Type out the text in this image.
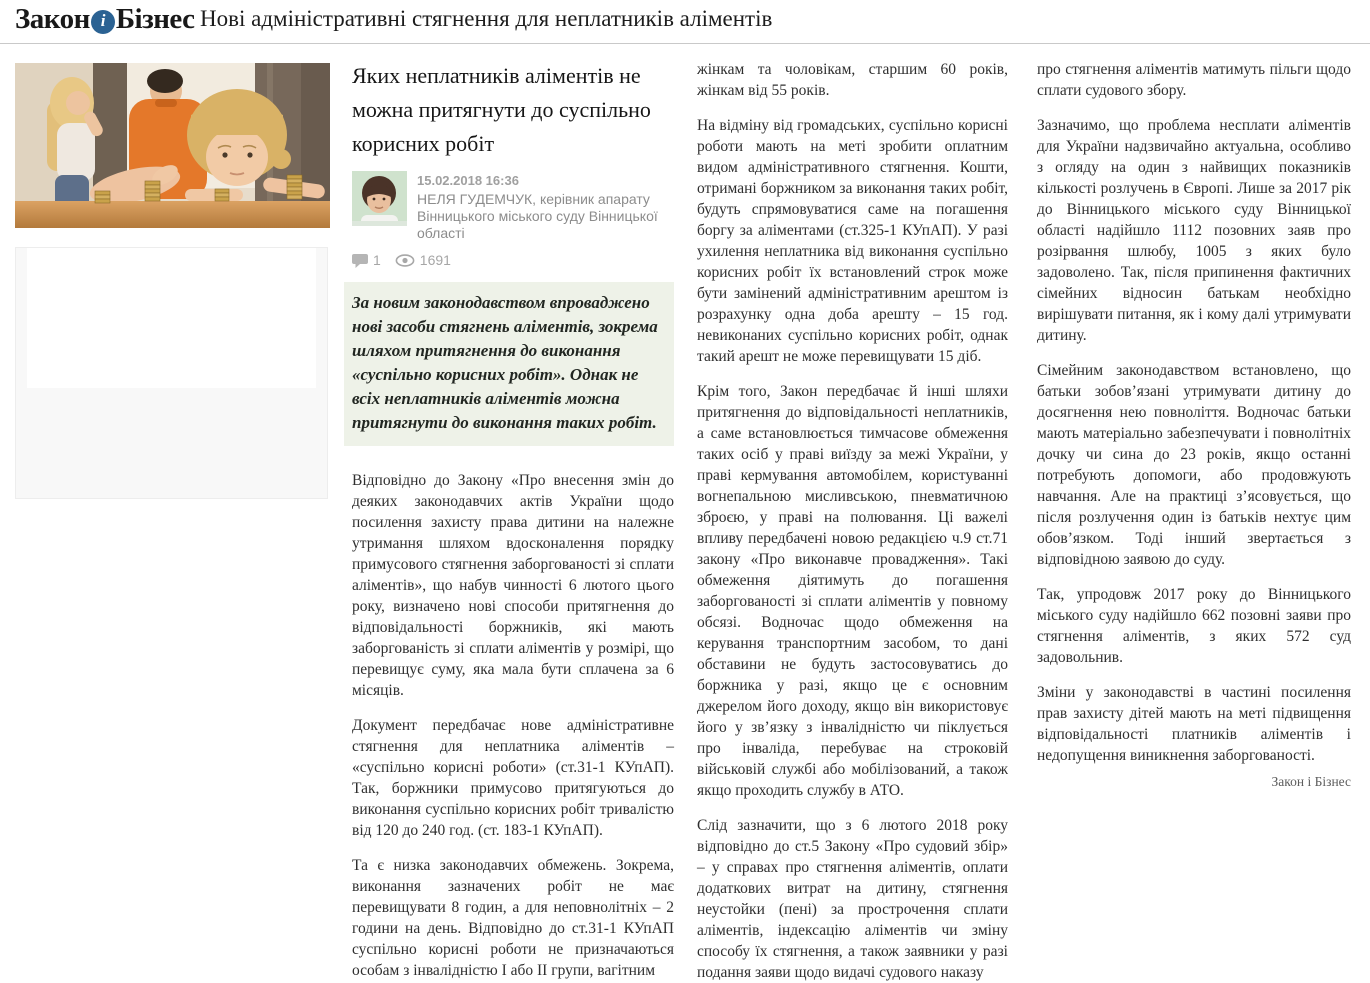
Закон і Бізнес Нові адміністративні стягнення для неплатників аліментів
Яких неплатників аліментів не можна притягнути до суспільно корисних робіт
15.02.2018 16:36
НЕЛЯ ГУДЕМЧУК, керівник апарату Вінницького міського суду Вінницької області
1	1691
За новим законодавством впроваджено нові засоби стягнень аліментів, зокрема шляхом притягнення до виконання «суспільно корисних робіт». Однак не всіх неплатників аліментів можна притягнути до виконання таких робіт.

Відповідно до Закону «Про внесення змін до деяких законодавчих актів України щодо посилення захисту права дитини на належне утримання шляхом вдосконалення порядку примусового стягнення заборгованості зі сплати аліментів», що набув чинності 6 лютого цього року, визначено нові способи притягнення до відповідальності боржників, які мають заборгованість зі сплати аліментів у розмірі, що перевищує суму, яка мала бути сплачена за 6 місяців.

Документ передбачає нове адміністративне стягнення для неплатника аліментів – «суспільно корисні роботи» (ст.31-1 КУпАП). Так, боржники примусово притягуються до виконання суспільно корисних робіт тривалістю від 120 до 240 год. (ст. 183-1 КУпАП).

Та є низка законодавчих обмежень. Зокрема, виконання зазначених робіт не має перевищувати 8 годин, а для неповнолітніх – 2 години на день. Відповідно до ст.31-1 КУпАП суспільно корисні роботи не призначаються особам з інвалідністю I або II групи, вагітним

жінкам та чоловікам, старшим 60 років, жінкам від 55 років.

На відміну від громадських, суспільно корисні роботи мають на меті зробити оплатним видом адміністративного стягнення. Кошти, отримані боржником за виконання таких робіт, будуть спрямовуватися саме на погашення боргу за аліментами (ст.325-1 КУпАП). У разі ухилення неплатника від виконання суспільно корисних робіт їх встановлений строк може бути замінений адміністративним арештом із розрахунку одна доба арешту – 15 год. невиконаних суспільно корисних робіт, однак такий арешт не може перевищувати 15 діб.

Крім того, Закон передбачає й інші шляхи притягнення до відповідальності неплатників, а саме встановлюється тимчасове обмеження таких осіб у праві виїзду за межі України, у праві кермування автомобілем, користуванні вогнепальною мисливською, пневматичною зброєю, у праві на полювання. Ці важелі впливу передбачені новою редакцією ч.9 ст.71 закону «Про виконавче провадження». Такі обмеження діятимуть до погашення заборгованості зі сплати аліментів у повному обсязі. Водночас щодо обмеження на керування транспортним засобом, то дані обставини не будуть застосовуватись до боржника у разі, якщо це є основним джерелом його доходу, якщо він використовує його у зв’язку з інвалідністю чи піклується про інваліда, перебуває на строковій військовій службі або мобілізований, а також якщо проходить службу в АТО.

Слід зазначити, що з 6 лютого 2018 року відповідно до ст.5 Закону «Про судовий збір» – у справах про стягнення аліментів, оплати додаткових витрат на дитину, стягнення неустойки (пені) за прострочення сплати аліментів, індексацію аліментів чи зміну способу їх стягнення, а також заявники у разі подання заяви щодо видачі судового наказу

про стягнення аліментів матимуть пільги щодо сплати судового збору.

Зазначимо, що проблема несплати аліментів для України надзвичайно актуальна, особливо з огляду на один з найвищих показників кількості розлучень в Європі. Лише за 2017 рік до Вінницького міського суду Вінницької області надійшло 1112 позовних заяв про розірвання шлюбу, 1005 з яких було задоволено. Так, після припинення фактичних сімейних відносин батькам необхідно вирішувати питання, як і кому далі утримувати дитину.

Сімейним законодавством встановлено, що батьки зобов’язані утримувати дитину до досягнення нею повноліття. Водночас батьки мають матеріально забезпечувати і повнолітніх дочку чи сина до 23 років, якщо останні потребують допомоги, або продовжують навчання. Але на практиці з’ясовується, що після розлучення один із батьків нехтує цим обов’язком. Тоді інший звертається з відповідною заявою до суду.

Так, упродовж 2017 року до Вінницького міського суду надійшло 662 позовні заяви про стягнення аліментів, з яких 572 суд задовольнив.

Зміни у законодавстві в частині посилення прав захисту дітей мають на меті підвищення відповідальності платників аліментів і недопущення виникнення заборгованості.

Закон і Бізнес
